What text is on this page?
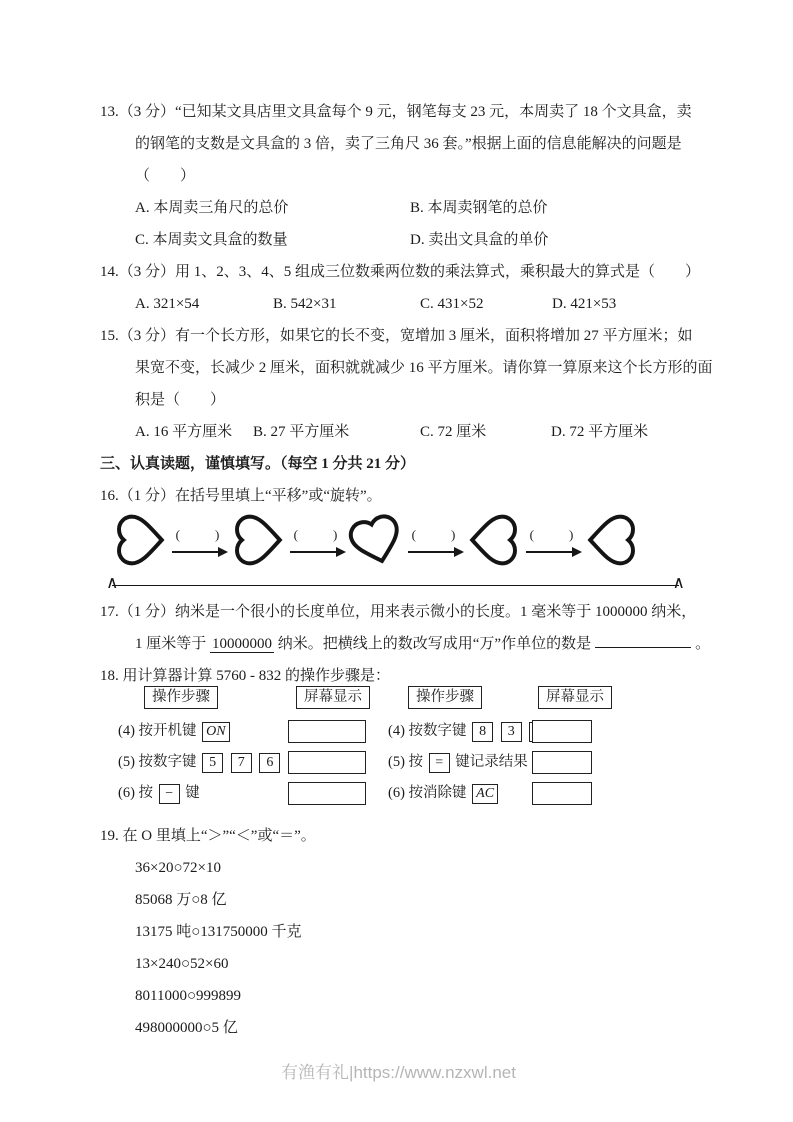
13.（3 分）“已知某文具店里文具盒每个 9 元，钢笔每支 23 元，本周卖了 18 个文具盒，卖
的钢笔的支数是文具盒的 3 倍，卖了三角尺 36 套。”根据上面的信息能解决的问题是
（　　）
A. 本周卖三角尺的总价	B. 本周卖钢笔的总价
C. 本周卖文具盒的数量	D. 卖出文具盒的单价
14.（3 分）用 1、2、3、4、5 组成三位数乘两位数的乘法算式，乘积最大的算式是（　　）
A. 321×54	B. 542×31	C. 431×52	D. 421×53
15.（3 分）有一个长方形，如果它的长不变，宽增加 3 厘米，面积将增加 27 平方厘米；如
果宽不变，长减少 2 厘米，面积就就减少 16 平方厘米。请你算一算原来这个长方形的面
积是（　　）
A. 16 平方厘米	B. 27 平方厘米	C. 72 厘米	D. 72 平方厘米
三、认真读题，谨慎填写。（每空 1 分共 21 分）
16.（1 分）在括号里填上“平移”或“旋转”。
(　　)	(　　)	(　　)	(　　)
∧	∧
17.（1 分）纳米是一个很小的长度单位，用来表示微小的长度。1 毫米等于 1000000 纳米，
1 厘米等于 10000000 纳米。把横线上的数改写成用“万”作单位的数是	。
18. 用计算器计算 5760 - 832 的操作步骤是：
操作步骤	屏幕显示	操作步骤	屏幕显示
(4) 按开机键 ON	(4) 按数字键 8 3
(5) 按数字键 5 7 6	(5) 按 = 键记录结果
(6) 按 − 键	(6) 按消除键 AC
19. 在 O 里填上“＞”“＜”或“＝”。
36×20○72×10
85068 万○8 亿
13175 吨○131750000 千克
13×240○52×60
8011000○999899
498000000○5 亿
有渔有礼|https://www.nzxwl.net
